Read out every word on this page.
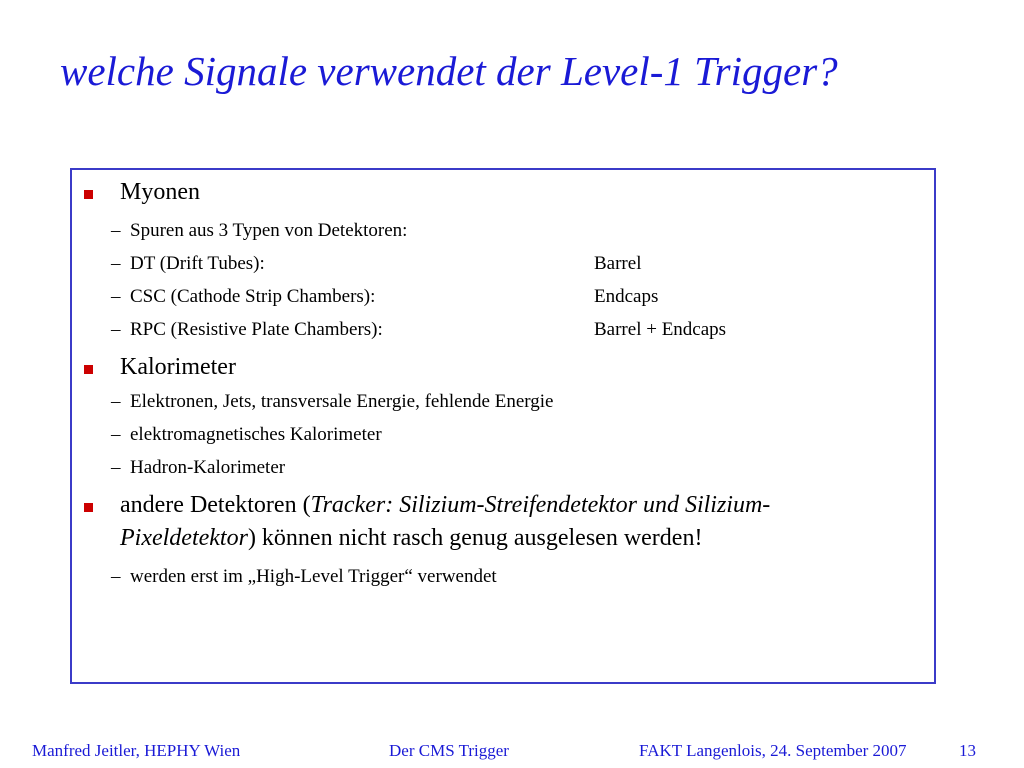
welche Signale verwendet der Level-1 Trigger?
Myonen
– Spuren aus 3 Typen von Detektoren:
– DT (Drift Tubes):	Barrel
– CSC (Cathode Strip Chambers):	Endcaps
– RPC (Resistive Plate Chambers):	Barrel + Endcaps
Kalorimeter
– Elektronen, Jets, transversale Energie, fehlende Energie
– elektromagnetisches Kalorimeter
– Hadron-Kalorimeter
andere Detektoren (Tracker: Silizium-Streifendetektor und Silizium-Pixeldetektor) können nicht rasch genug ausgelesen werden!
– werden erst im „High-Level Trigger“ verwendet
Manfred Jeitler, HEPHY Wien	Der CMS Trigger	FAKT Langenlois, 24. September 2007	13
